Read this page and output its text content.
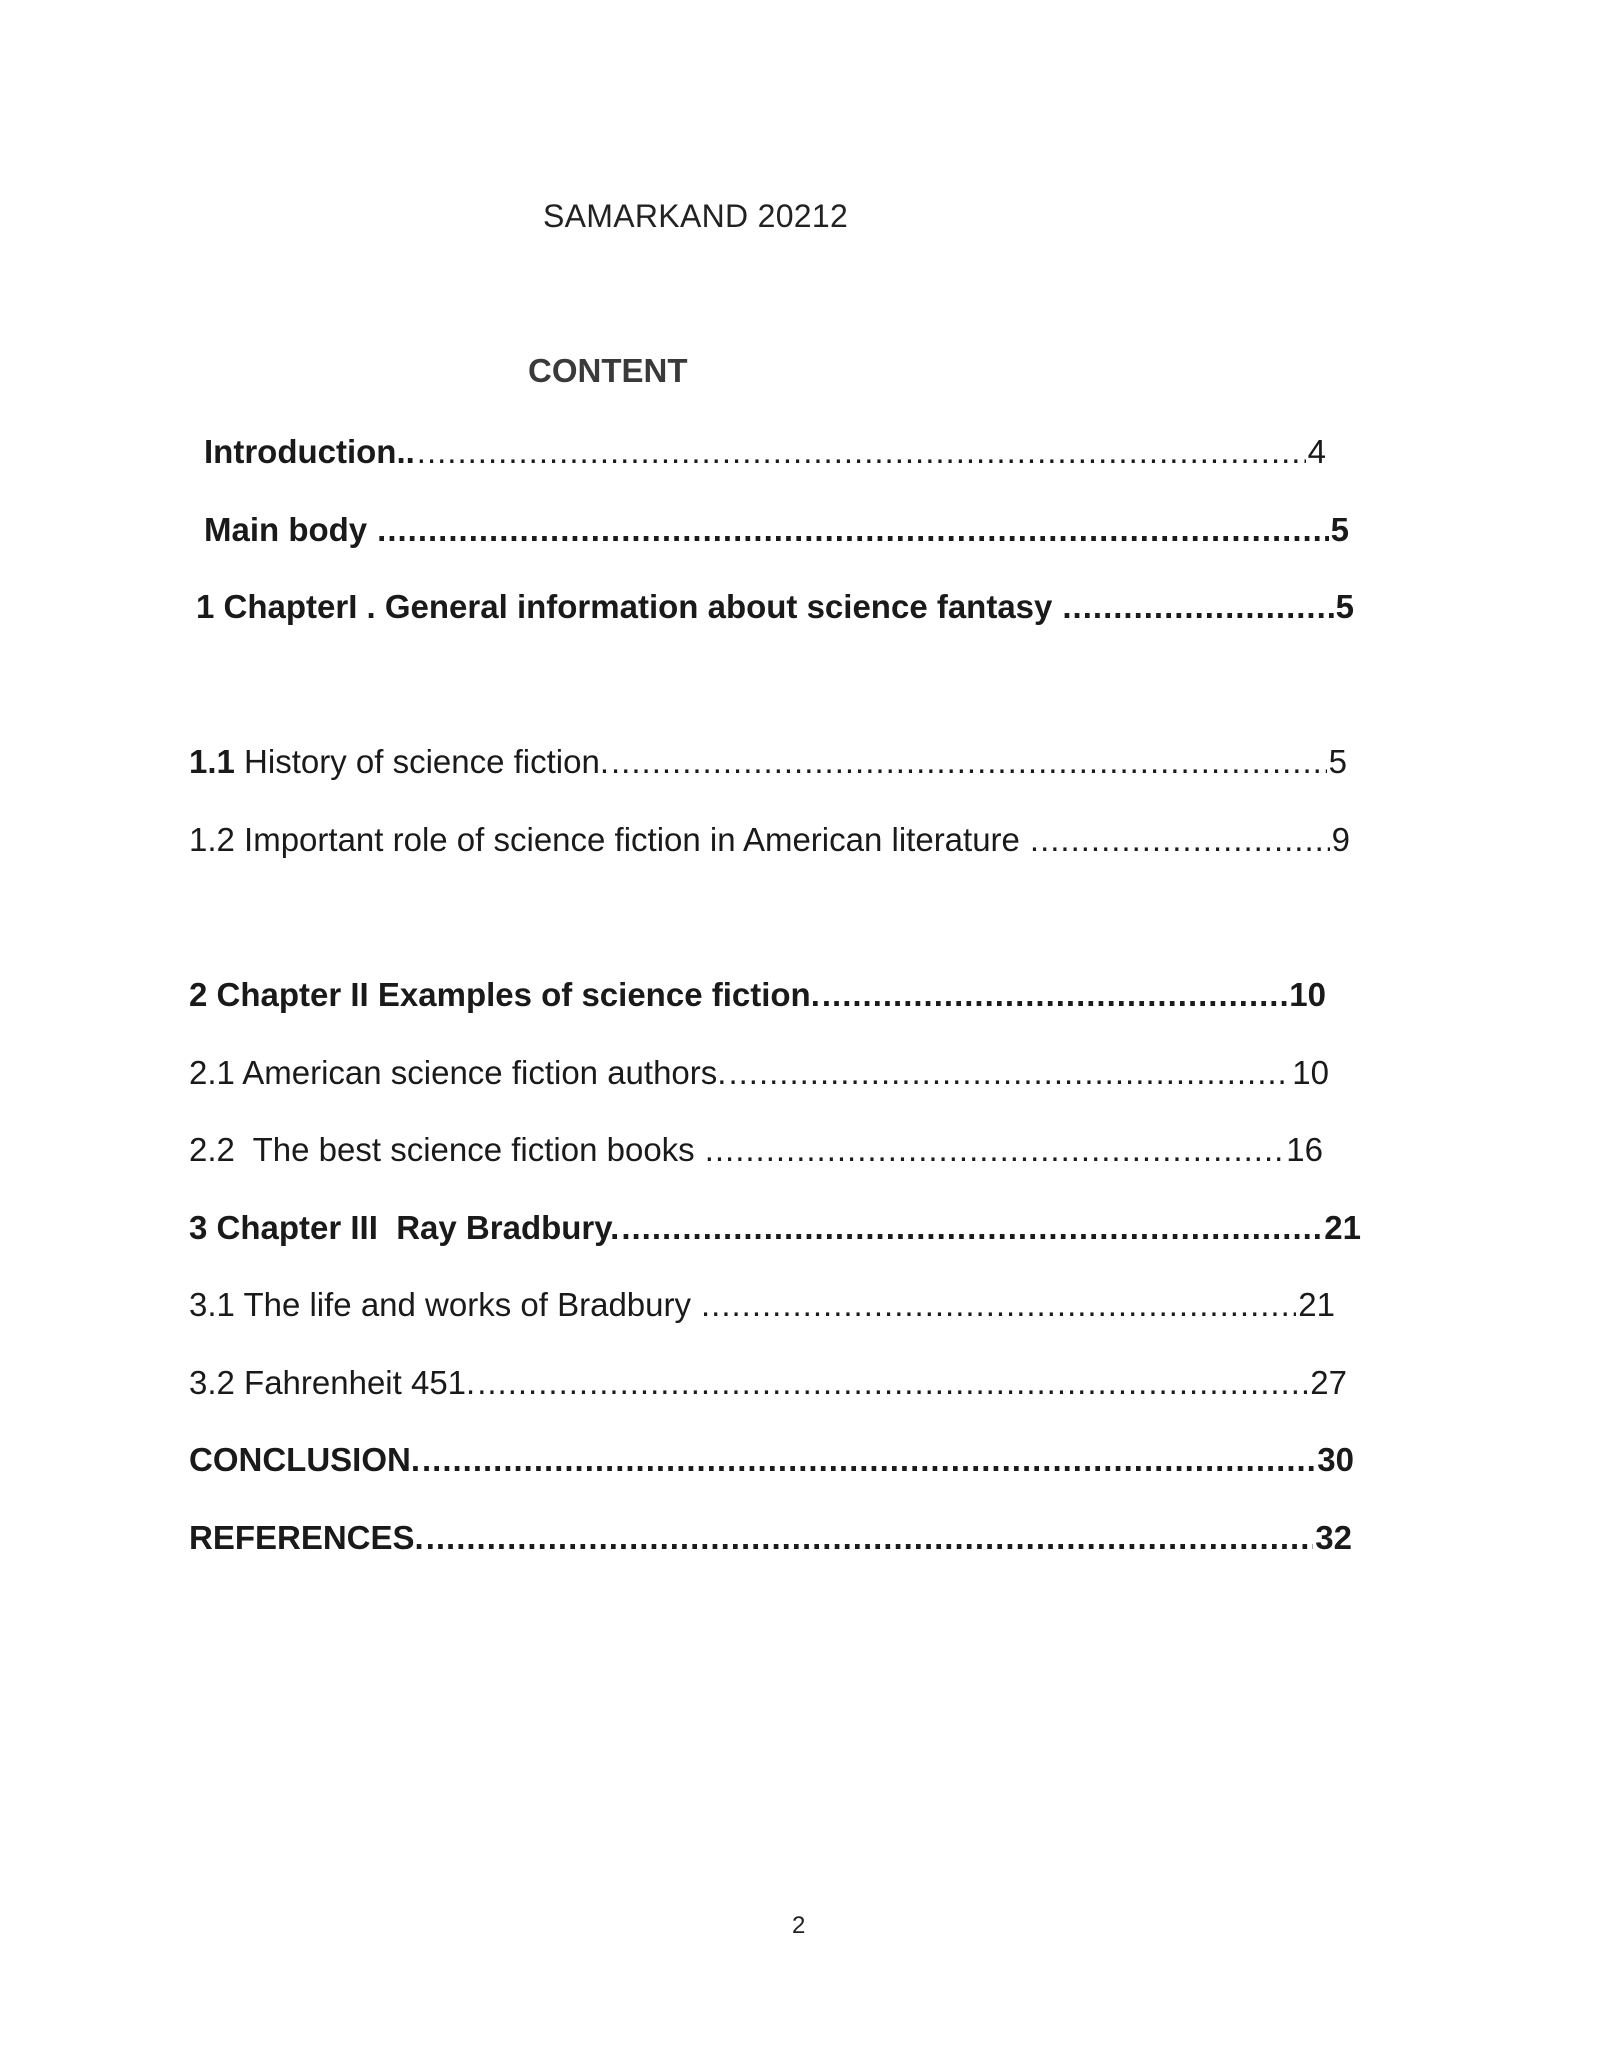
SAMARKAND 20212
CONTENT
Introduction.. .....	4
Main body .....	5
1 ChapterI . General information about science fantasy .....	5
1.1 History of science fiction. .....	5
1.2 Important role of science fiction in American literature .....	9
2 Chapter II Examples of science fiction. .....	10
2.1 American science fiction authors. .....	10
2.2  The best science fiction books .....	16
3 Chapter III  Ray Bradbury. .....	21
3.1 The life and works of Bradbury .....	21
3.2 Fahrenheit 451. .....	27
CONCLUSION. .....	30
REFERENCES. .....	32
2
